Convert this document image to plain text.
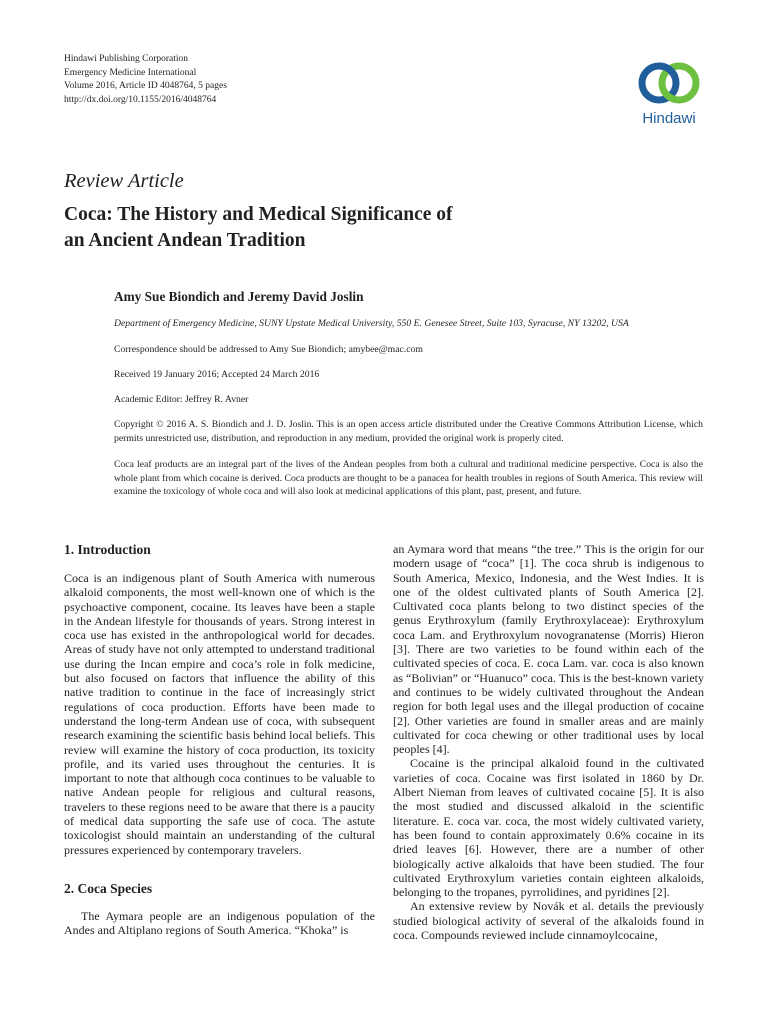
Hindawi Publishing Corporation
Emergency Medicine International
Volume 2016, Article ID 4048764, 5 pages
http://dx.doi.org/10.1155/2016/4048764
Hindawi
Review Article
Coca: The History and Medical Significance of
an Ancient Andean Tradition
Amy Sue Biondich and Jeremy David Joslin
Department of Emergency Medicine, SUNY Upstate Medical University, 550 E. Genesee Street, Suite 103, Syracuse, NY 13202, USA
Correspondence should be addressed to Amy Sue Biondich; amybee@mac.com
Received 19 January 2016; Accepted 24 March 2016
Academic Editor: Jeffrey R. Avner
Copyright © 2016 A. S. Biondich and J. D. Joslin. This is an open access article distributed under the Creative Commons Attribution License, which permits unrestricted use, distribution, and reproduction in any medium, provided the original work is properly cited.
Coca leaf products are an integral part of the lives of the Andean peoples from both a cultural and traditional medicine perspective. Coca is also the whole plant from which cocaine is derived. Coca products are thought to be a panacea for health troubles in regions of South America. This review will examine the toxicology of whole coca and will also look at medicinal applications of this plant, past, present, and future.
1. Introduction

Coca is an indigenous plant of South America with numerous alkaloid components, the most well-known one of which is the psychoactive component, cocaine. Its leaves have been a staple in the Andean lifestyle for thousands of years. Strong interest in coca use has existed in the anthropological world for decades. Areas of study have not only attempted to understand traditional use during the Incan empire and coca’s role in folk medicine, but also focused on factors that influence the ability of this native tradition to continue in the face of increasingly strict regulations of coca production. Efforts have been made to understand the long-term Andean use of coca, with subsequent research examining the scientific basis behind local beliefs. This review will examine the history of coca production, its toxicity profile, and its varied uses throughout the centuries. It is important to note that although coca continues to be valuable to native Andean people for religious and cultural reasons, travelers to these regions need to be aware that there is a paucity of medical data supporting the safe use of coca. The astute toxicologist should maintain an understanding of the cultural pressures experienced by contemporary travelers.

2. Coca Species

The Aymara people are an indigenous population of the Andes and Altiplano regions of South America. “Khoka” is

an Aymara word that means “the tree.” This is the origin for our modern usage of “coca” [1]. The coca shrub is indigenous to South America, Mexico, Indonesia, and the West Indies. It is one of the oldest cultivated plants of South America [2]. Cultivated coca plants belong to two distinct species of the genus Erythroxylum (family Erythroxylaceae): Erythroxylum coca Lam. and Erythroxylum novogranatense (Morris) Hieron [3]. There are two varieties to be found within each of the cultivated species of coca. E. coca Lam. var. coca is also known as “Bolivian” or “Huanuco” coca. This is the best-known variety and continues to be widely cultivated throughout the Andean region for both legal uses and the illegal production of cocaine [2]. Other varieties are found in smaller areas and are mainly cultivated for coca chewing or other traditional uses by local peoples [4].

Cocaine is the principal alkaloid found in the cultivated varieties of coca. Cocaine was first isolated in 1860 by Dr. Albert Nieman from leaves of cultivated cocaine [5]. It is also the most studied and discussed alkaloid in the scientific literature. E. coca var. coca, the most widely cultivated variety, has been found to contain approximately 0.6% cocaine in its dried leaves [6]. However, there are a number of other biologically active alkaloids that have been studied. The four cultivated Erythroxylum varieties contain eighteen alkaloids, belonging to the tropanes, pyrrolidines, and pyridines [2].

An extensive review by Novák et al. details the previously studied biological activity of several of the alkaloids found in coca. Compounds reviewed include cinnamoylcocaine,
